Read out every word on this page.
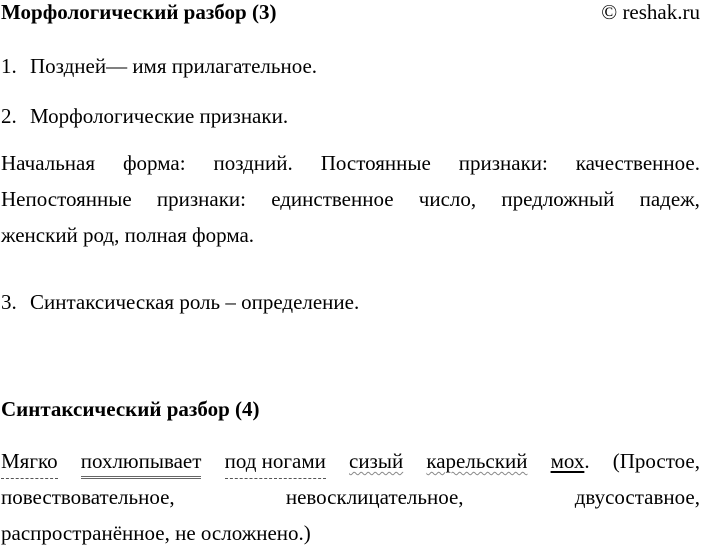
Морфологический разбор (3)	© reshak.ru
1. Поздней— имя прилагательное.
2. Морфологические признаки.
Начальная форма: поздний. Постоянные признаки: качественное.
Непостоянные признаки: единственное число, предложный падеж,
женский род, полная форма.
3. Синтаксическая роль – определение.
Синтаксический разбор (4)
Мягко похлюпывает под ногами сизый карельский мох. (Простое,
повествовательное,	невосклицательное,	двусоставное,
распространённое, не осложнено.)
